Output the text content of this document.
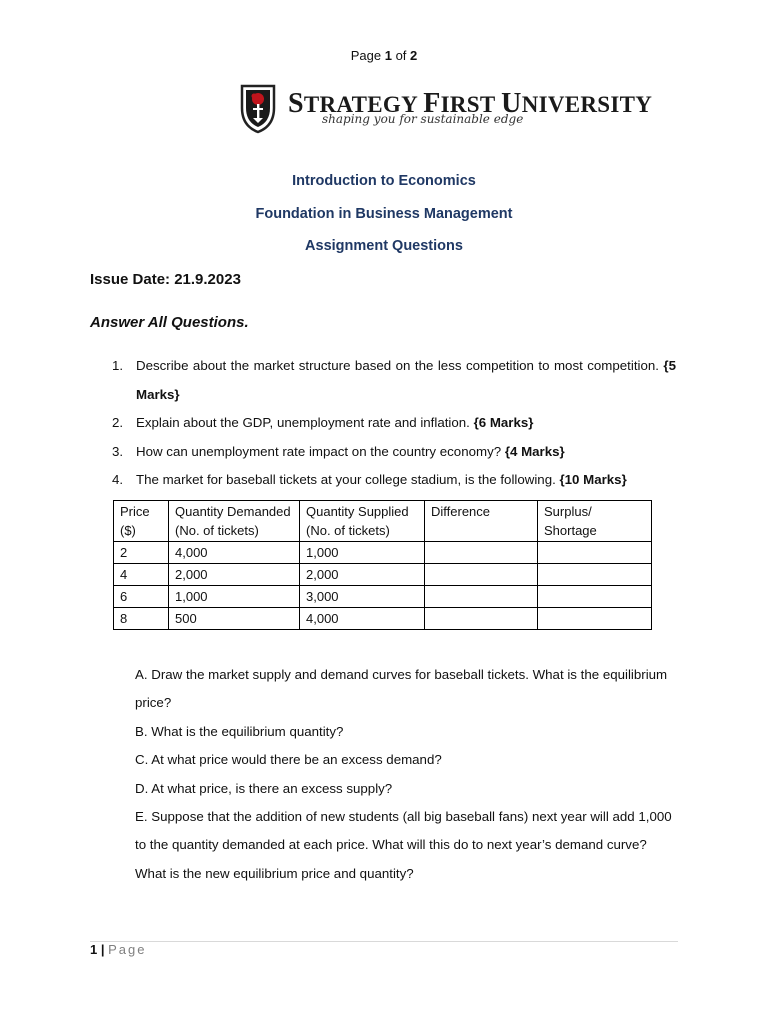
Page 1 of 2
STRATEGY FIRST UNIVERSITY
shaping you for sustainable edge
Introduction to Economics
Foundation in Business Management
Assignment Questions
Issue Date: 21.9.2023
Answer All Questions.
1. Describe about the market structure based on the less competition to most competition. {5 Marks}
2. Explain about the GDP, unemployment rate and inflation. {6 Marks}
3. How can unemployment rate impact on the country economy? {4 Marks}
4. The market for baseball tickets at your college stadium, is the following. {10 Marks}
Price ($)	Quantity Demanded (No. of tickets)	Quantity Supplied (No. of tickets)	Difference	Surplus/ Shortage
2	4,000	1,000		
4	2,000	2,000		
6	1,000	3,000		
8	500	4,000		
A. Draw the market supply and demand curves for baseball tickets. What is the equilibrium price?
B. What is the equilibrium quantity?
C. At what price would there be an excess demand?
D. At what price, is there an excess supply?
E. Suppose that the addition of new students (all big baseball fans) next year will add 1,000 to the quantity demanded at each price. What will this do to next year’s demand curve? What is the new equilibrium price and quantity?
1 | Page
